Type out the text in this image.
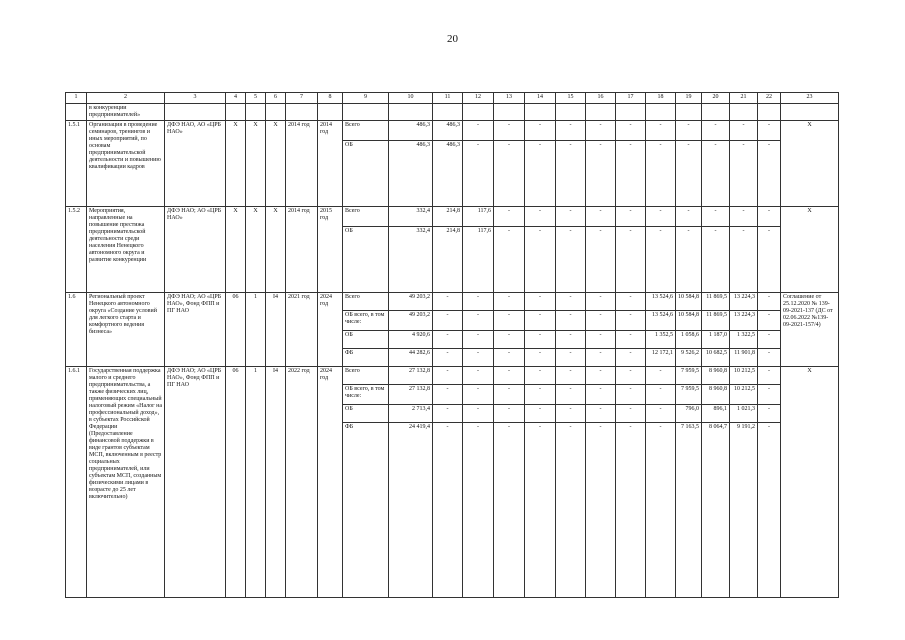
20
1	2	3	4	5	6	7	8	9	10	11	12	13	14	15	16	17	18	19	20	21	22	23
	в конкуренции предпринимателей»																					
1.5.1	Организация в проведение семинаров, тренингов и иных мероприятий, по основам предпринимательской деятельности и повышению квалификации кадров	ДФЭ НАО, АО «ЦРБ НАО»	X	X	X	2014 год	2014 год	Всего	486,3	486,3	-	-	-	-	-	-	-	-	-	-	-	X
								ОБ	486,3	486,3	-	-	-	-	-	-	-	-	-	-	-	
1.5.2	Мероприятия, направленные на повышение престижа предпринимательской деятельности среди населения Ненецкого автономного округа и развитие конкуренции	ДФЭ НАО; АО «ЦРБ НАО»	X	X	X	2014 год	2015 год	Всего	332,4	214,8	117,6	-	-	-	-	-	-	-	-	-	-	X
								ОБ	332,4	214,8	117,6	-	-	-	-	-	-	-	-	-	-	
1.6	Региональный проект Ненецкого автономного округа «Создание условий для легкого старта и комфортного ведения бизнеса»	ДФЭ НАО; АО «ЦРБ НАО», Фонд ФПП и ПГ НАО	06	1	I4	2021 год	2024 год	Всего	49 203,2	-	-	-	-	-	-	-	13 524,6	10 584,8	11 869,5	13 224,3	-	Соглашение от 25.12.2020 № 139-09-2021-137 (ДС от 02.06.2022 №139-09-2021-157/4)
								ОБ всего, в том числе:	49 203,2	-	-	-	-	-	-	-	13 524,6	10 584,8	11 869,5	13 224,3	-	
								ОБ	4 920,6	-	-	-	-	-	-	-	1 352,5	1 058,6	1 187,0	1 322,5	-	
								ФБ	44 282,6	-	-	-	-	-	-	-	12 172,1	9 526,2	10 682,5	11 901,8	-	
1.6.1	Государственная поддержка малого и среднего предпринимательства, а также физических лиц, применяющих специальный налоговый режим «Налог на профессиональный доход», в субъектах Российской Федерации (Предоставление финансовой поддержки в виде грантов субъектам МСП, включенным в реестр социальных предпринимателей, или субъектам МСП, созданным физическими лицами в возрасте до 25 лет включительно)	ДФЭ НАО; АО «ЦРБ НАО», Фонд ФПП и ПГ НАО	06	1	I4	2022 год	2024 год	Всего	27 132,8	-	-	-	-	-	-	-	-	7 959,5	8 960,8	10 212,5	-	X
								ОБ всего, в том числе:	27 132,8	-	-	-	-	-	-	-	-	7 959,5	8 960,8	10 212,5	-	
								ОБ	2 713,4	-	-	-	-	-	-	-	-	796,0	896,1	1 021,3	-	
								ФБ	24 419,4	-	-	-	-	-	-	-	-	7 163,5	8 064,7	9 191,2	-	
